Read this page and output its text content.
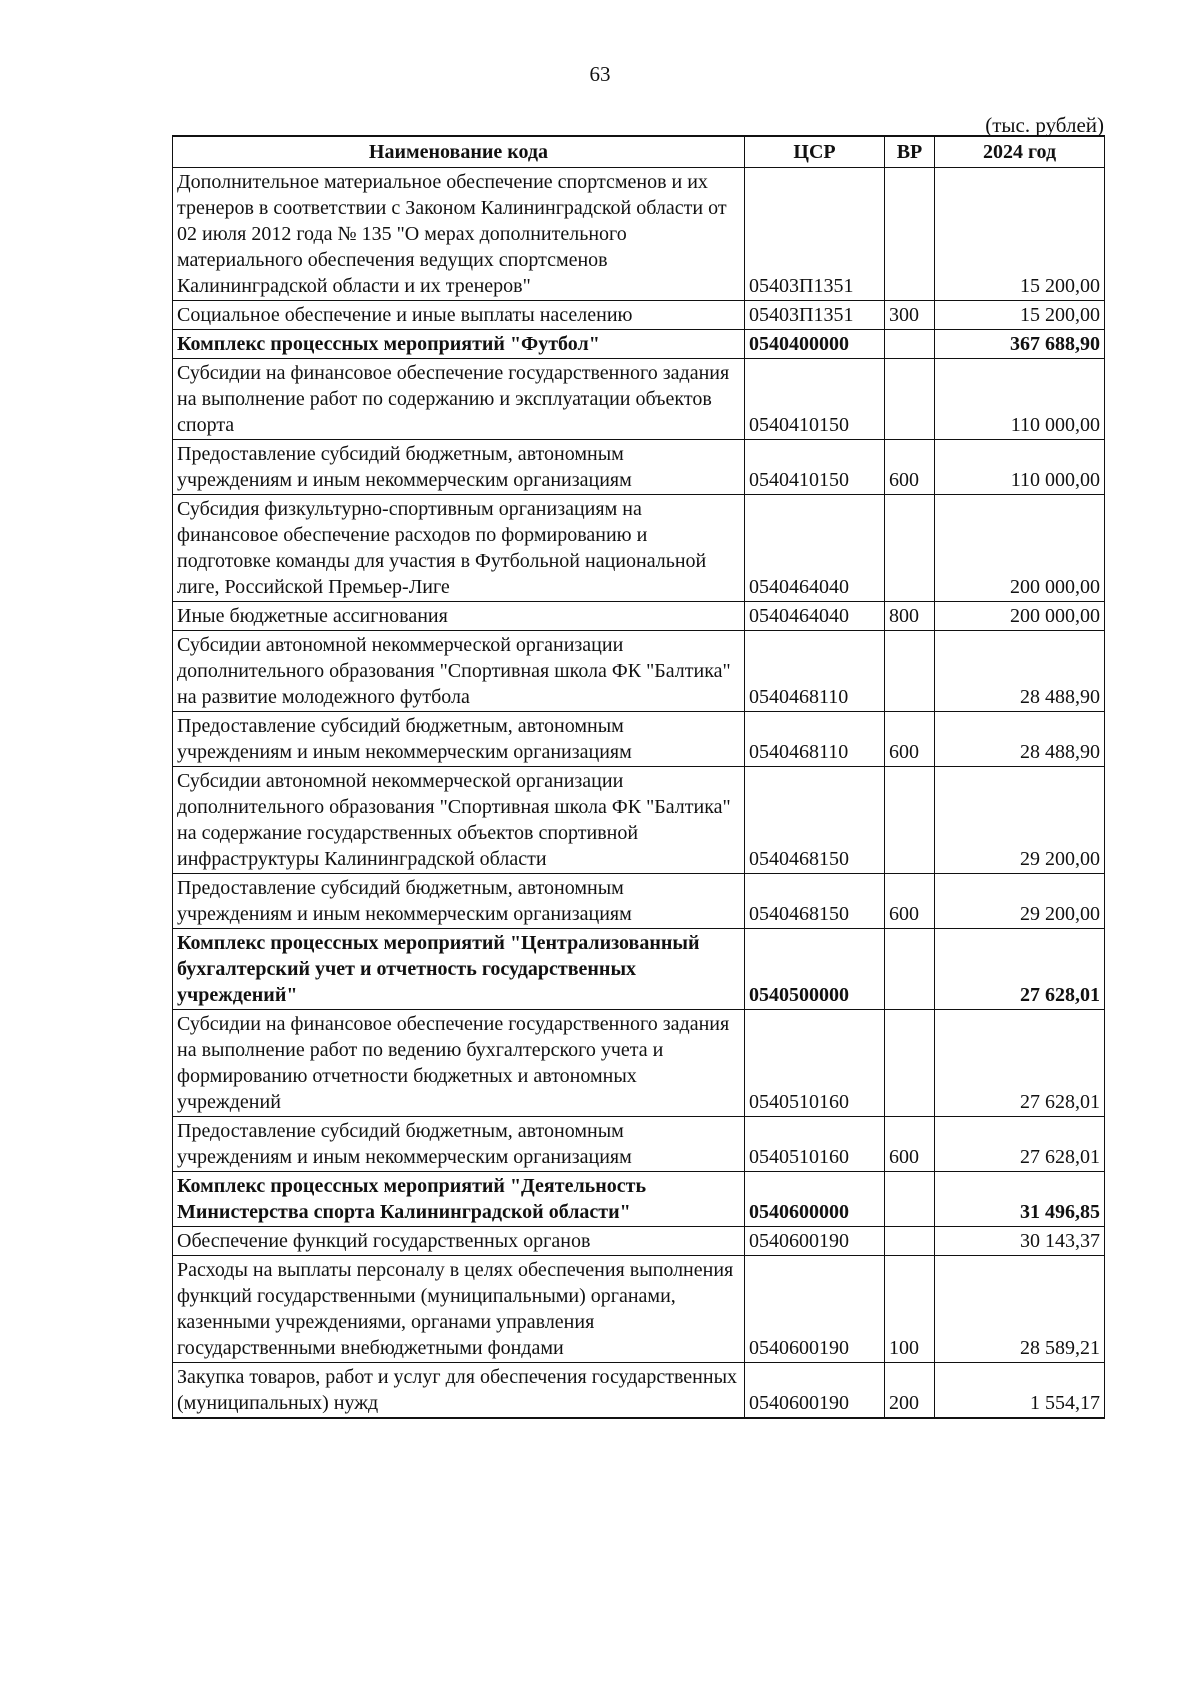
63
(тыс. рублей)
Наименование кода	ЦСР	ВР	2024 год
Дополнительное материальное обеспечение спортсменов и их тренеров в соответствии с Законом Калининградской области от 02 июля 2012 года № 135 "О мерах дополнительного материального обеспечения ведущих спортсменов Калининградской области и их тренеров"	05403П1351		15 200,00
Социальное обеспечение и иные выплаты населению	05403П1351	300	15 200,00
Комплекс процессных мероприятий "Футбол"	0540400000		367 688,90
Субсидии на финансовое обеспечение государственного задания на выполнение работ по содержанию и эксплуатации объектов спорта	0540410150		110 000,00
Предоставление субсидий бюджетным, автономным учреждениям и иным некоммерческим организациям	0540410150	600	110 000,00
Субсидия физкультурно-спортивным организациям на финансовое обеспечение расходов по формированию и подготовке команды для участия в Футбольной национальной лиге, Российской Премьер-Лиге	0540464040		200 000,00
Иные бюджетные ассигнования	0540464040	800	200 000,00
Субсидии автономной некоммерческой организации дополнительного образования "Спортивная школа ФК "Балтика" на развитие молодежного футбола	0540468110		28 488,90
Предоставление субсидий бюджетным, автономным учреждениям и иным некоммерческим организациям	0540468110	600	28 488,90
Субсидии автономной некоммерческой организации дополнительного образования "Спортивная школа ФК "Балтика" на содержание государственных объектов спортивной инфраструктуры Калининградской области	0540468150		29 200,00
Предоставление субсидий бюджетным, автономным учреждениям и иным некоммерческим организациям	0540468150	600	29 200,00
Комплекс процессных мероприятий "Централизованный бухгалтерский учет и отчетность государственных учреждений"	0540500000		27 628,01
Субсидии на финансовое обеспечение государственного задания на выполнение работ по ведению бухгалтерского учета и формированию отчетности бюджетных и автономных учреждений	0540510160		27 628,01
Предоставление субсидий бюджетным, автономным учреждениям и иным некоммерческим организациям	0540510160	600	27 628,01
Комплекс процессных мероприятий "Деятельность Министерства спорта Калининградской области"	0540600000		31 496,85
Обеспечение функций государственных органов	0540600190		30 143,37
Расходы на выплаты персоналу в целях обеспечения выполнения функций государственными (муниципальными) органами, казенными учреждениями, органами управления государственными внебюджетными фондами	0540600190	100	28 589,21
Закупка товаров, работ и услуг для обеспечения государственных (муниципальных) нужд	0540600190	200	1 554,17
